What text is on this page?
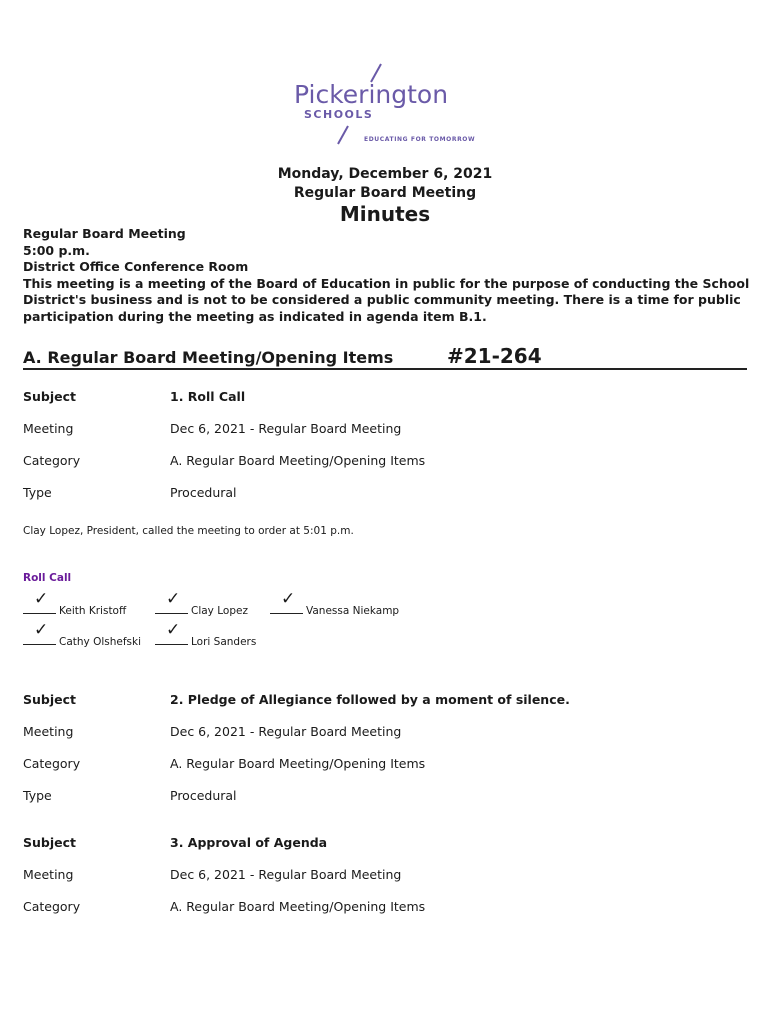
Pickerington
SCHOOLS
EDUCATING FOR TOMORROW
Monday, December 6, 2021
Regular Board Meeting
Minutes
Regular Board Meeting
5:00 p.m.
District Office Conference Room
This meeting is a meeting of the Board of Education in public for the purpose of conducting the School District's business and is not to be considered a public community meeting. There is a time for public participation during the meeting as indicated in agenda item B.1.
A. Regular Board Meeting/Opening Items	#21-264
Subject	1. Roll Call
Meeting	Dec 6, 2021 - Regular Board Meeting
Category	A. Regular Board Meeting/Opening Items
Type	Procedural
Clay Lopez, President, called the meeting to order at 5:01 p.m.
Roll Call
✓
Keith Kristoff
✓
Clay Lopez
✓
Vanessa Niekamp
✓
Cathy Olshefski
✓
Lori Sanders
Subject	2. Pledge of Allegiance followed by a moment of silence.
Meeting	Dec 6, 2021 - Regular Board Meeting
Category	A. Regular Board Meeting/Opening Items
Type	Procedural
Subject	3. Approval of Agenda
Meeting	Dec 6, 2021 - Regular Board Meeting
Category	A. Regular Board Meeting/Opening Items
